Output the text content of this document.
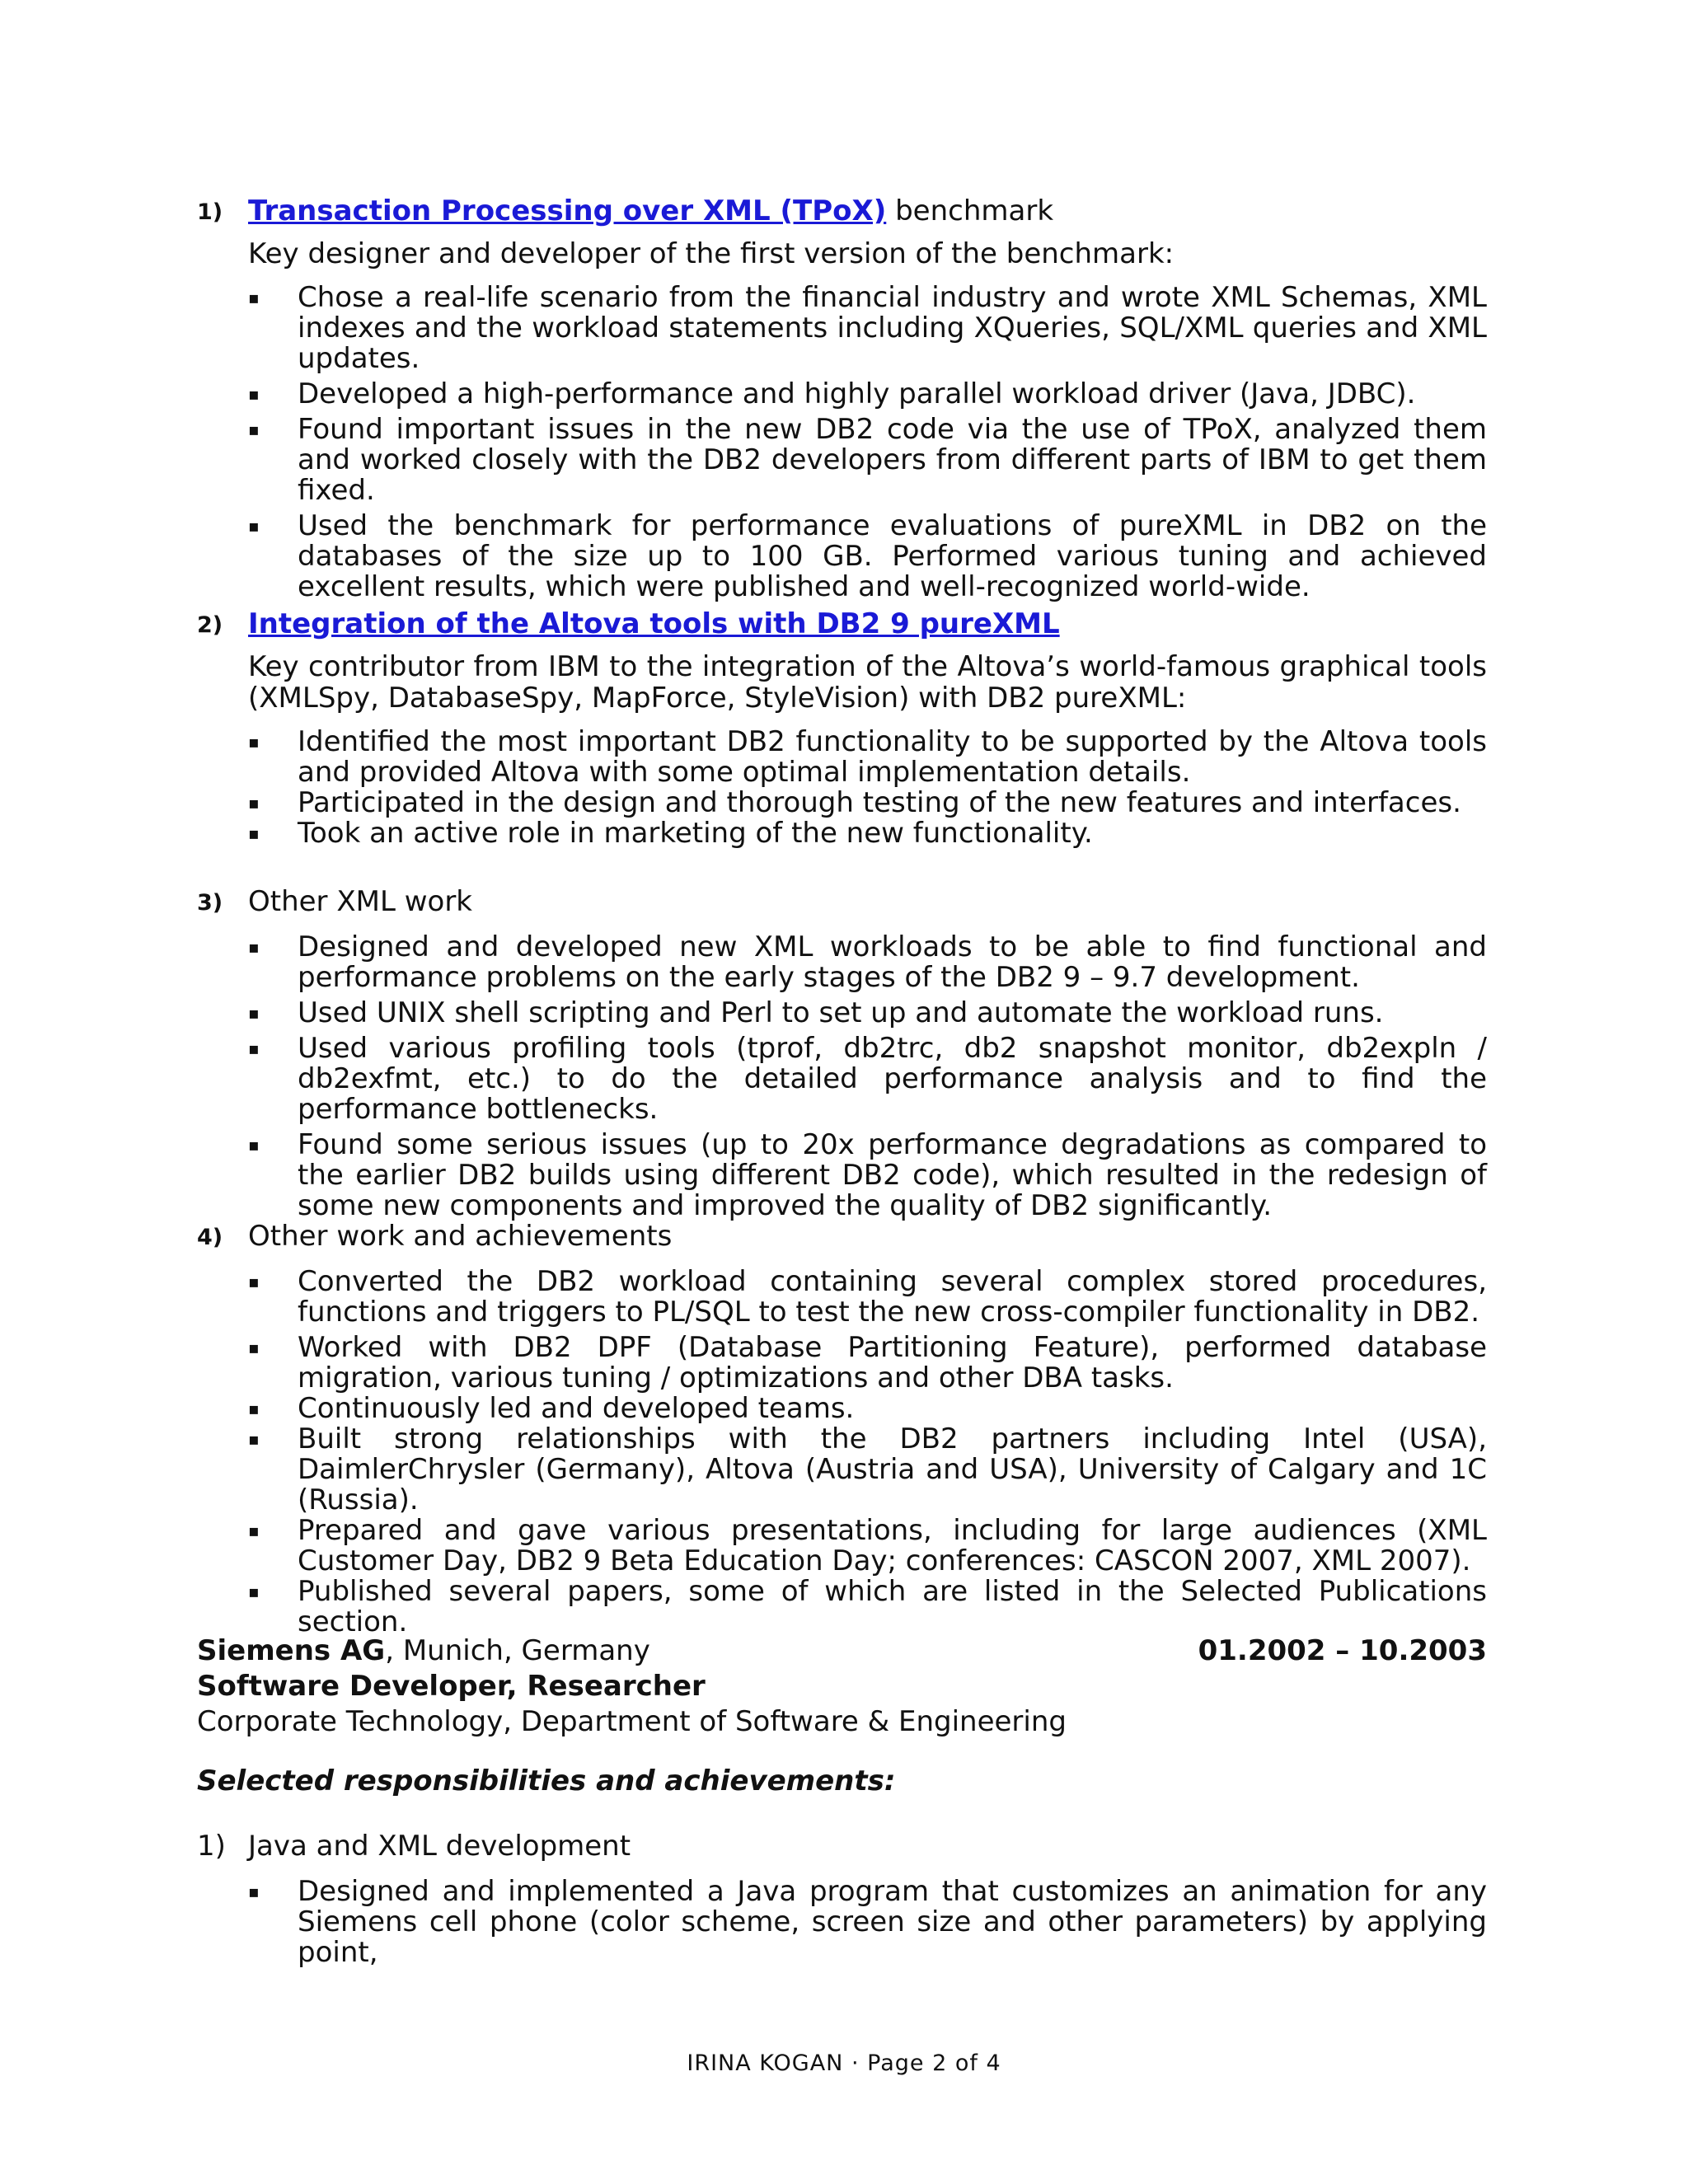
1) Transaction Processing over XML (TPoX) benchmark
Key designer and developer of the first version of the benchmark:
▪ Chose a real-life scenario from the financial industry and wrote XML Schemas, XML indexes and the workload statements including XQueries, SQL/XML queries and XML updates.
▪ Developed a high-performance and highly parallel workload driver (Java, JDBC).
▪ Found important issues in the new DB2 code via the use of TPoX, analyzed them and worked closely with the DB2 developers from different parts of IBM to get them fixed.
▪ Used the benchmark for performance evaluations of pureXML in DB2 on the databases of the size up to 100 GB. Performed various tuning and achieved excellent results, which were published and well-recognized world-wide.
2) Integration of the Altova tools with DB2 9 pureXML
Key contributor from IBM to the integration of the Altova’s world-famous graphical tools (XMLSpy, DatabaseSpy, MapForce, StyleVision) with DB2 pureXML:
▪ Identified the most important DB2 functionality to be supported by the Altova tools and provided Altova with some optimal implementation details.
▪ Participated in the design and thorough testing of the new features and interfaces.
▪ Took an active role in marketing of the new functionality.
3) Other XML work
▪ Designed and developed new XML workloads to be able to find functional and performance problems on the early stages of the DB2 9 – 9.7 development.
▪ Used UNIX shell scripting and Perl to set up and automate the workload runs.
▪ Used various profiling tools (tprof, db2trc, db2 snapshot monitor, db2expln / db2exfmt, etc.) to do the detailed performance analysis and to find the performance bottlenecks.
▪ Found some serious issues (up to 20x performance degradations as compared to the earlier DB2 builds using different DB2 code), which resulted in the redesign of some new components and improved the quality of DB2 significantly.
4) Other work and achievements
▪ Converted the DB2 workload containing several complex stored procedures, functions and triggers to PL/SQL to test the new cross-compiler functionality in DB2.
▪ Worked with DB2 DPF (Database Partitioning Feature), performed database migration, various tuning / optimizations and other DBA tasks.
▪ Continuously led and developed teams.
▪ Built strong relationships with the DB2 partners including Intel (USA), DaimlerChrysler (Germany), Altova (Austria and USA), University of Calgary and 1C (Russia).
▪ Prepared and gave various presentations, including for large audiences (XML Customer Day, DB2 9 Beta Education Day; conferences: CASCON 2007, XML 2007).
▪ Published several papers, some of which are listed in the Selected Publications section.
Siemens AG, Munich, Germany	01.2002 – 10.2003
Software Developer, Researcher
Corporate Technology, Department of Software & Engineering
Selected responsibilities and achievements:
1) Java and XML development
▪ Designed and implemented a Java program that customizes an animation for any Siemens cell phone (color scheme, screen size and other parameters) by applying point,
IRINA KOGAN · Page 2 of 4
